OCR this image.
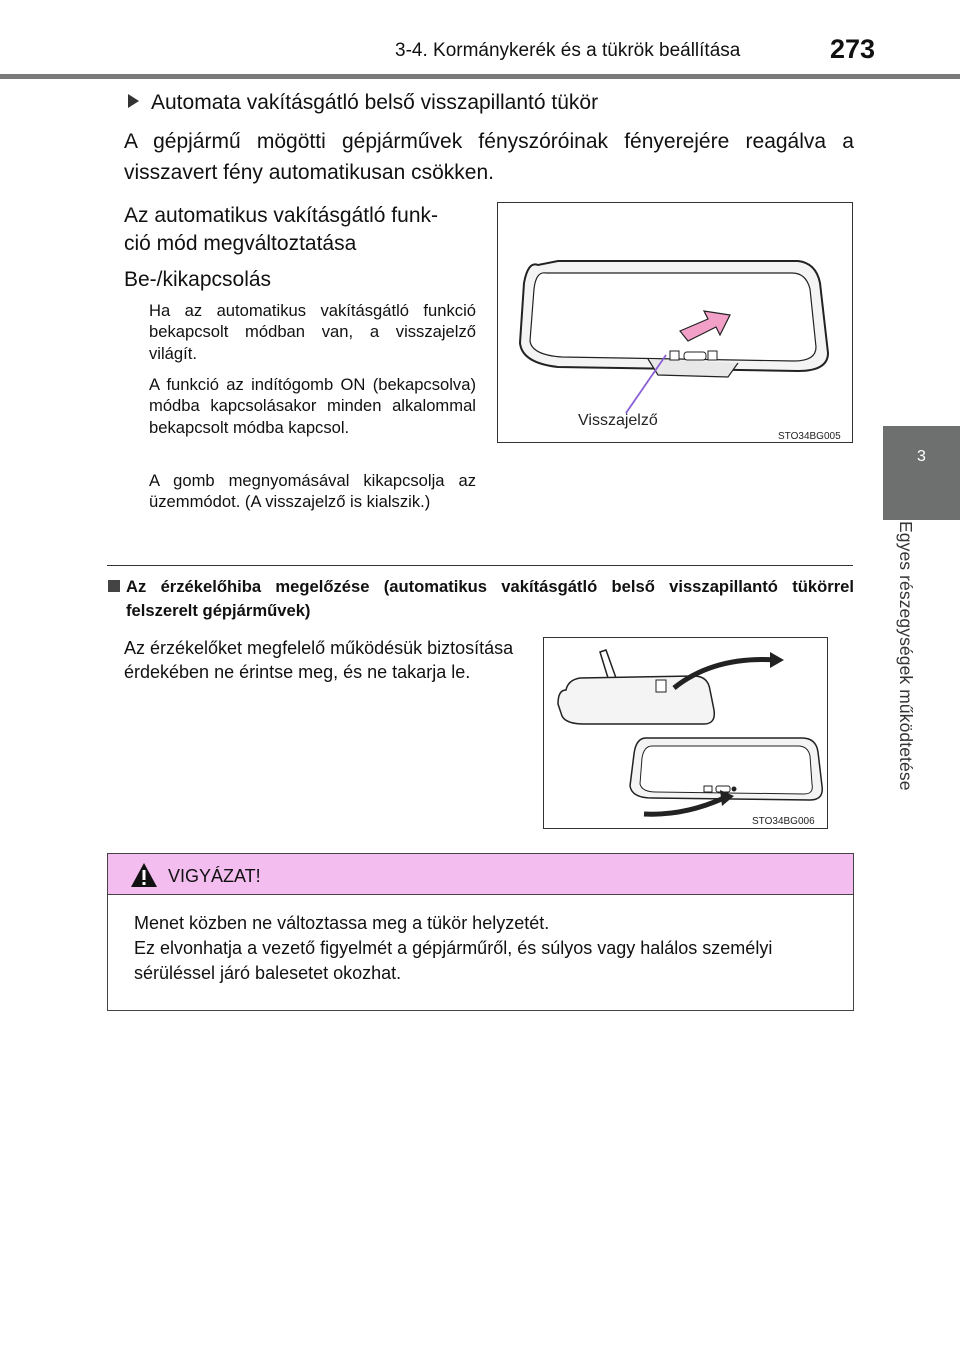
3-4. Kormánykerék és a tükrök beállítása	273
3
Egyes részegységek működtetése
Automata vakításgátló belső visszapillantó tükör
A gépjármű mögötti gépjárművek fényszóróinak fényerejére reagálva a visszavert fény automatikusan csökken.
Az automatikus vakításgátló funk-
ció mód megváltoztatása
Be-/kikapcsolás
Ha az automatikus vakításgátló funkció bekapcsolt módban van, a visszajelző világít.
A funkció az indítógomb ON (bekapcsolva) módba kapcsolásakor minden alkalommal bekapcsolt módba kapcsol.
A gomb megnyomásával kikapcsolja az üzemmódot. (A visszajelző is kialszik.)
Visszajelző
STO34BG005
Az érzékelőhiba megelőzése (automatikus vakításgátló belső visszapillantó tükörrel felszerelt gépjárművek)
Az érzékelőket megfelelő működésük biztosítása érdekében ne érintse meg, és ne takarja le.
STO34BG006
VIGYÁZAT!
Menet közben ne változtassa meg a tükör helyzetét.
Ez elvonhatja a vezető figyelmét a gépjárműről, és súlyos vagy halálos személyi sérüléssel járó balesetet okozhat.
